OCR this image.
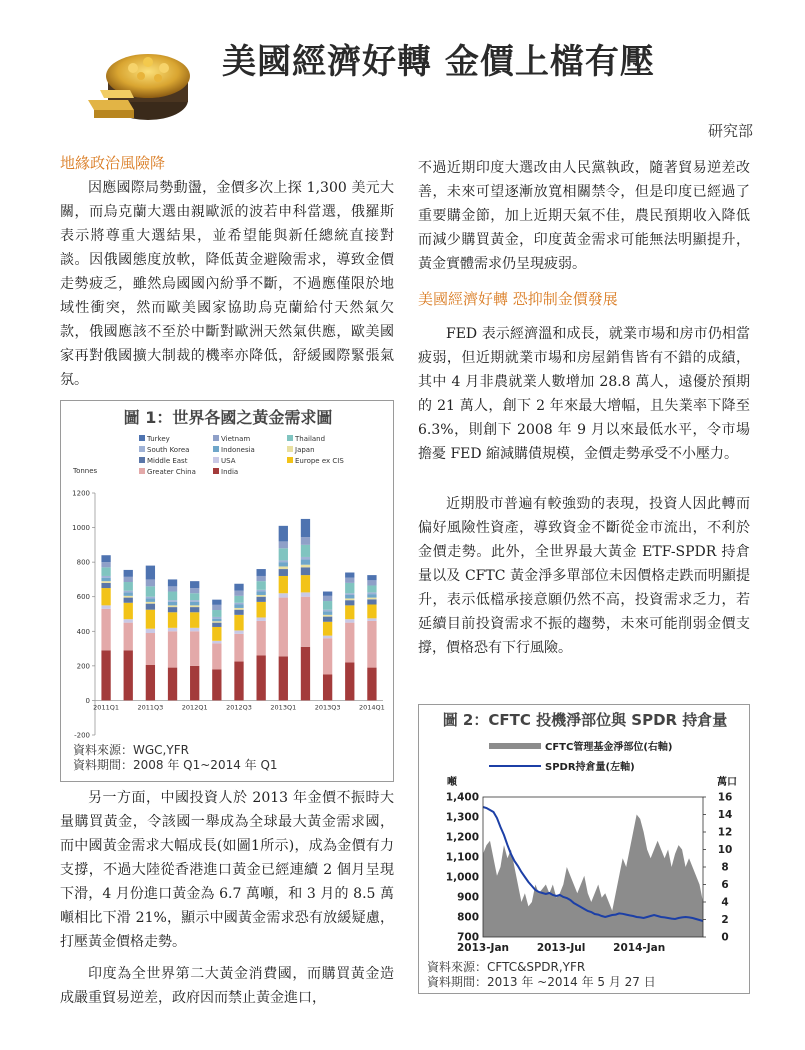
美國經濟好轉 金價上檔有壓
研究部
地緣政治風險降
因應國際局勢動盪，金價多次上探 1,300 美元大關，而烏克蘭大選由親歐派的波若申科當選，俄羅斯表示將尊重大選結果，並希望能與新任總統直接對談。因俄國態度放軟，降低黃金避險需求，導致金價走勢疲乏，雖然烏國國內紛爭不斷，不過應僅限於地域性衝突，然而歐美國家協助烏克蘭給付天然氣欠款，俄國應該不至於中斷對歐洲天然氣供應，歐美國家再對俄國擴大制裁的機率亦降低，舒緩國際緊張氣氛。
圖 1：世界各國之黃金需求圖
Turkey	Vietnam	Thailand
South Korea	Indonesia	Japan
Middle East	USA	Europe ex CIS
Greater China	India
Tonnes
-200
0
200
400
600
800
1000
1200
2011Q1	2011Q3	2012Q1	2012Q3	2013Q1	2013Q3	2014Q1
資料來源：WGC,YFR
資料期間：2008 年 Q1~2014 年 Q1
另一方面，中國投資人於 2013 年金價不振時大量購買黃金，令該國一舉成為全球最大黃金需求國，而中國黃金需求大幅成長(如圖1所示)，成為金價有力支撐，不過大陸從香港進口黃金已經連續 2 個月呈現下滑，4 月份進口黃金為 6.7 萬噸，和 3 月的 8.5 萬噸相比下滑 21%，顯示中國黃金需求恐有放緩疑慮，打壓黃金價格走勢。
印度為全世界第二大黃金消費國，而購買黃金造成嚴重貿易逆差，政府因而禁止黃金進口，
不過近期印度大選改由人民黨執政，隨著貿易逆差改善，未來可望逐漸放寬相關禁令，但是印度已經過了重要購金節，加上近期天氣不佳，農民預期收入降低而減少購買黃金，印度黃金需求可能無法明顯提升，黃金實體需求仍呈現疲弱。
美國經濟好轉 恐抑制金價發展
FED 表示經濟溫和成長，就業市場和房市仍相當疲弱，但近期就業市場和房屋銷售皆有不錯的成績，其中 4 月非農就業人數增加 28.8 萬人，遠優於預期的 21 萬人，創下 2 年來最大增幅，且失業率下降至 6.3%，則創下 2008 年 9 月以來最低水平，令市場擔憂 FED 縮減購債規模，金價走勢承受不小壓力。
近期股市普遍有較強勁的表現，投資人因此轉而偏好風險性資產，導致資金不斷從金市流出，不利於金價走勢。此外，全世界最大黃金 ETF-SPDR 持倉量以及 CFTC 黃金淨多單部位未因價格走跌而明顯提升，表示低檔承接意願仍然不高，投資需求乏力，若延續目前投資需求不振的趨勢，未來可能削弱金價支撐，價格恐有下行風險。
圖 2：CFTC 投機淨部位與 SPDR 持倉量
CFTC管理基金淨部位(右軸)
SPDR持倉量(左軸)
噸	萬口
700
800
900
1,000
1,100
1,200
1,300
1,400
0
2
4
6
8
10
12
14
16
2013-Jan	2013-Jul	2014-Jan
資料來源：CFTC&SPDR,YFR
資料期間：2013 年 ~2014 年 5 月 27 日
